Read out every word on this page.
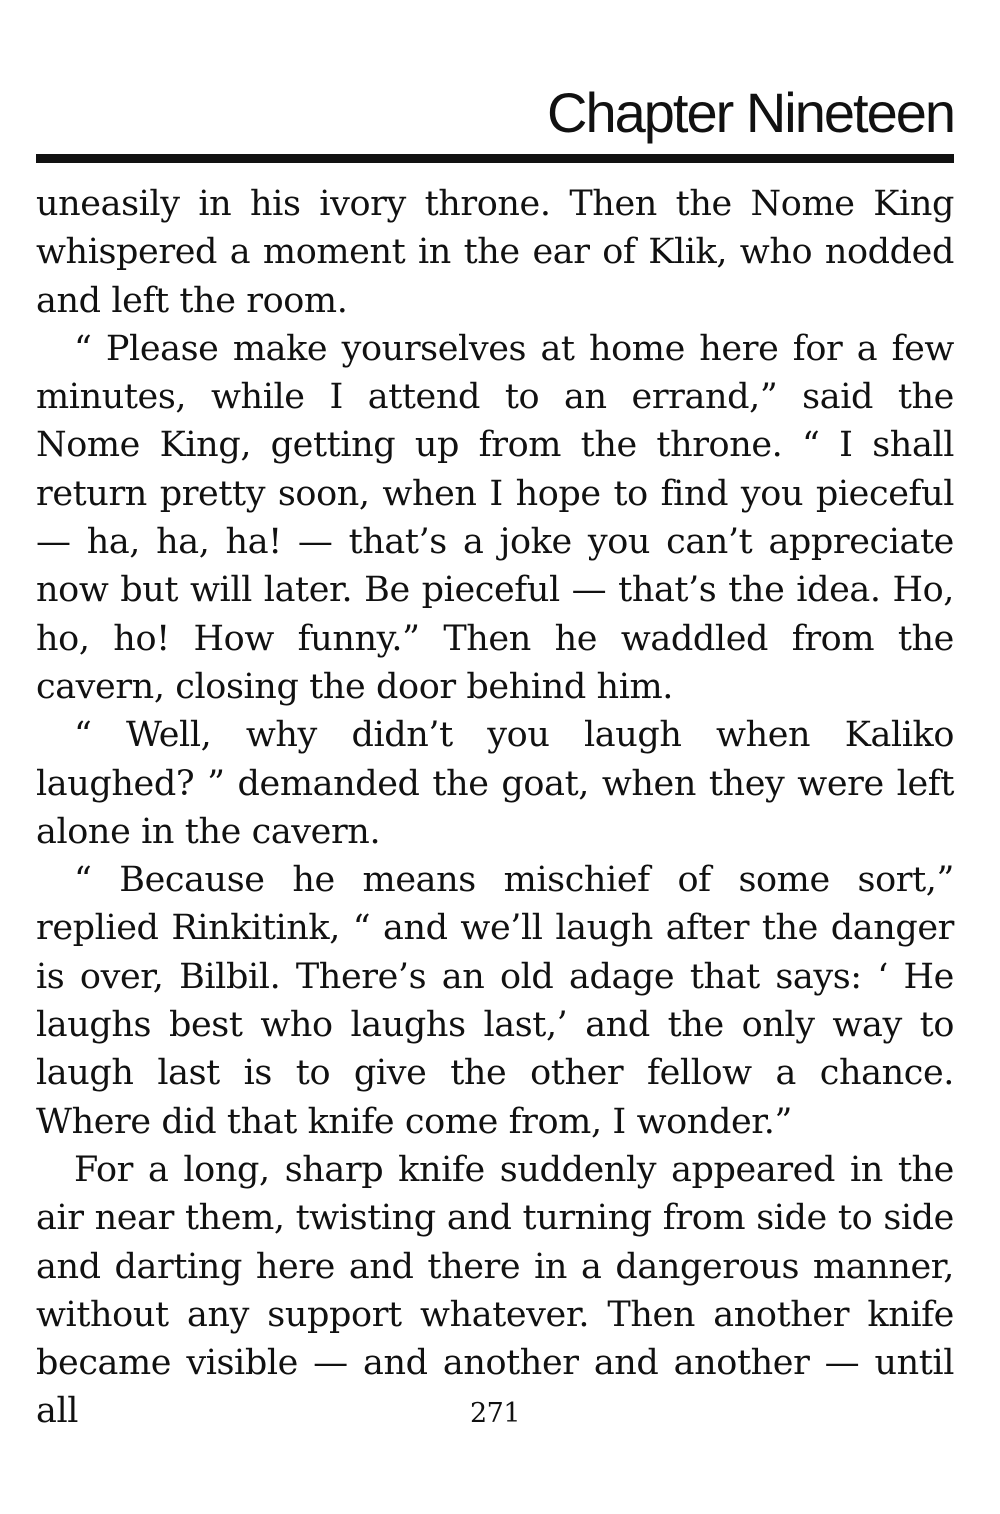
Chapter Nineteen

uneasily in his ivory throne. Then the Nome King whispered a moment in the ear of Klik, who nodded and left the room.

“ Please make yourselves at home here for a few minutes, while I attend to an errand,” said the Nome King, getting up from the throne. “ I shall return pretty soon, when I hope to find you pieceful — ha, ha, ha! — that’s a joke you can’t appreciate now but will later. Be pieceful — that’s the idea. Ho, ho, ho! How funny.” Then he waddled from the cavern, closing the door behind him.

“ Well, why didn’t you laugh when Kaliko laughed? ” demanded the goat, when they were left alone in the cavern.

“ Because he means mischief of some sort,” replied Rinkitink, “ and we’ll laugh after the danger is over, Bilbil. There’s an old adage that says: ‘ He laughs best who laughs last,’ and the only way to laugh last is to give the other fellow a chance. Where did that knife come from, I wonder.”

For a long, sharp knife suddenly appeared in the air near them, twisting and turning from side to side and darting here and there in a dangerous manner, without any support whatever. Then another knife became visible — and another and another — until all	271
